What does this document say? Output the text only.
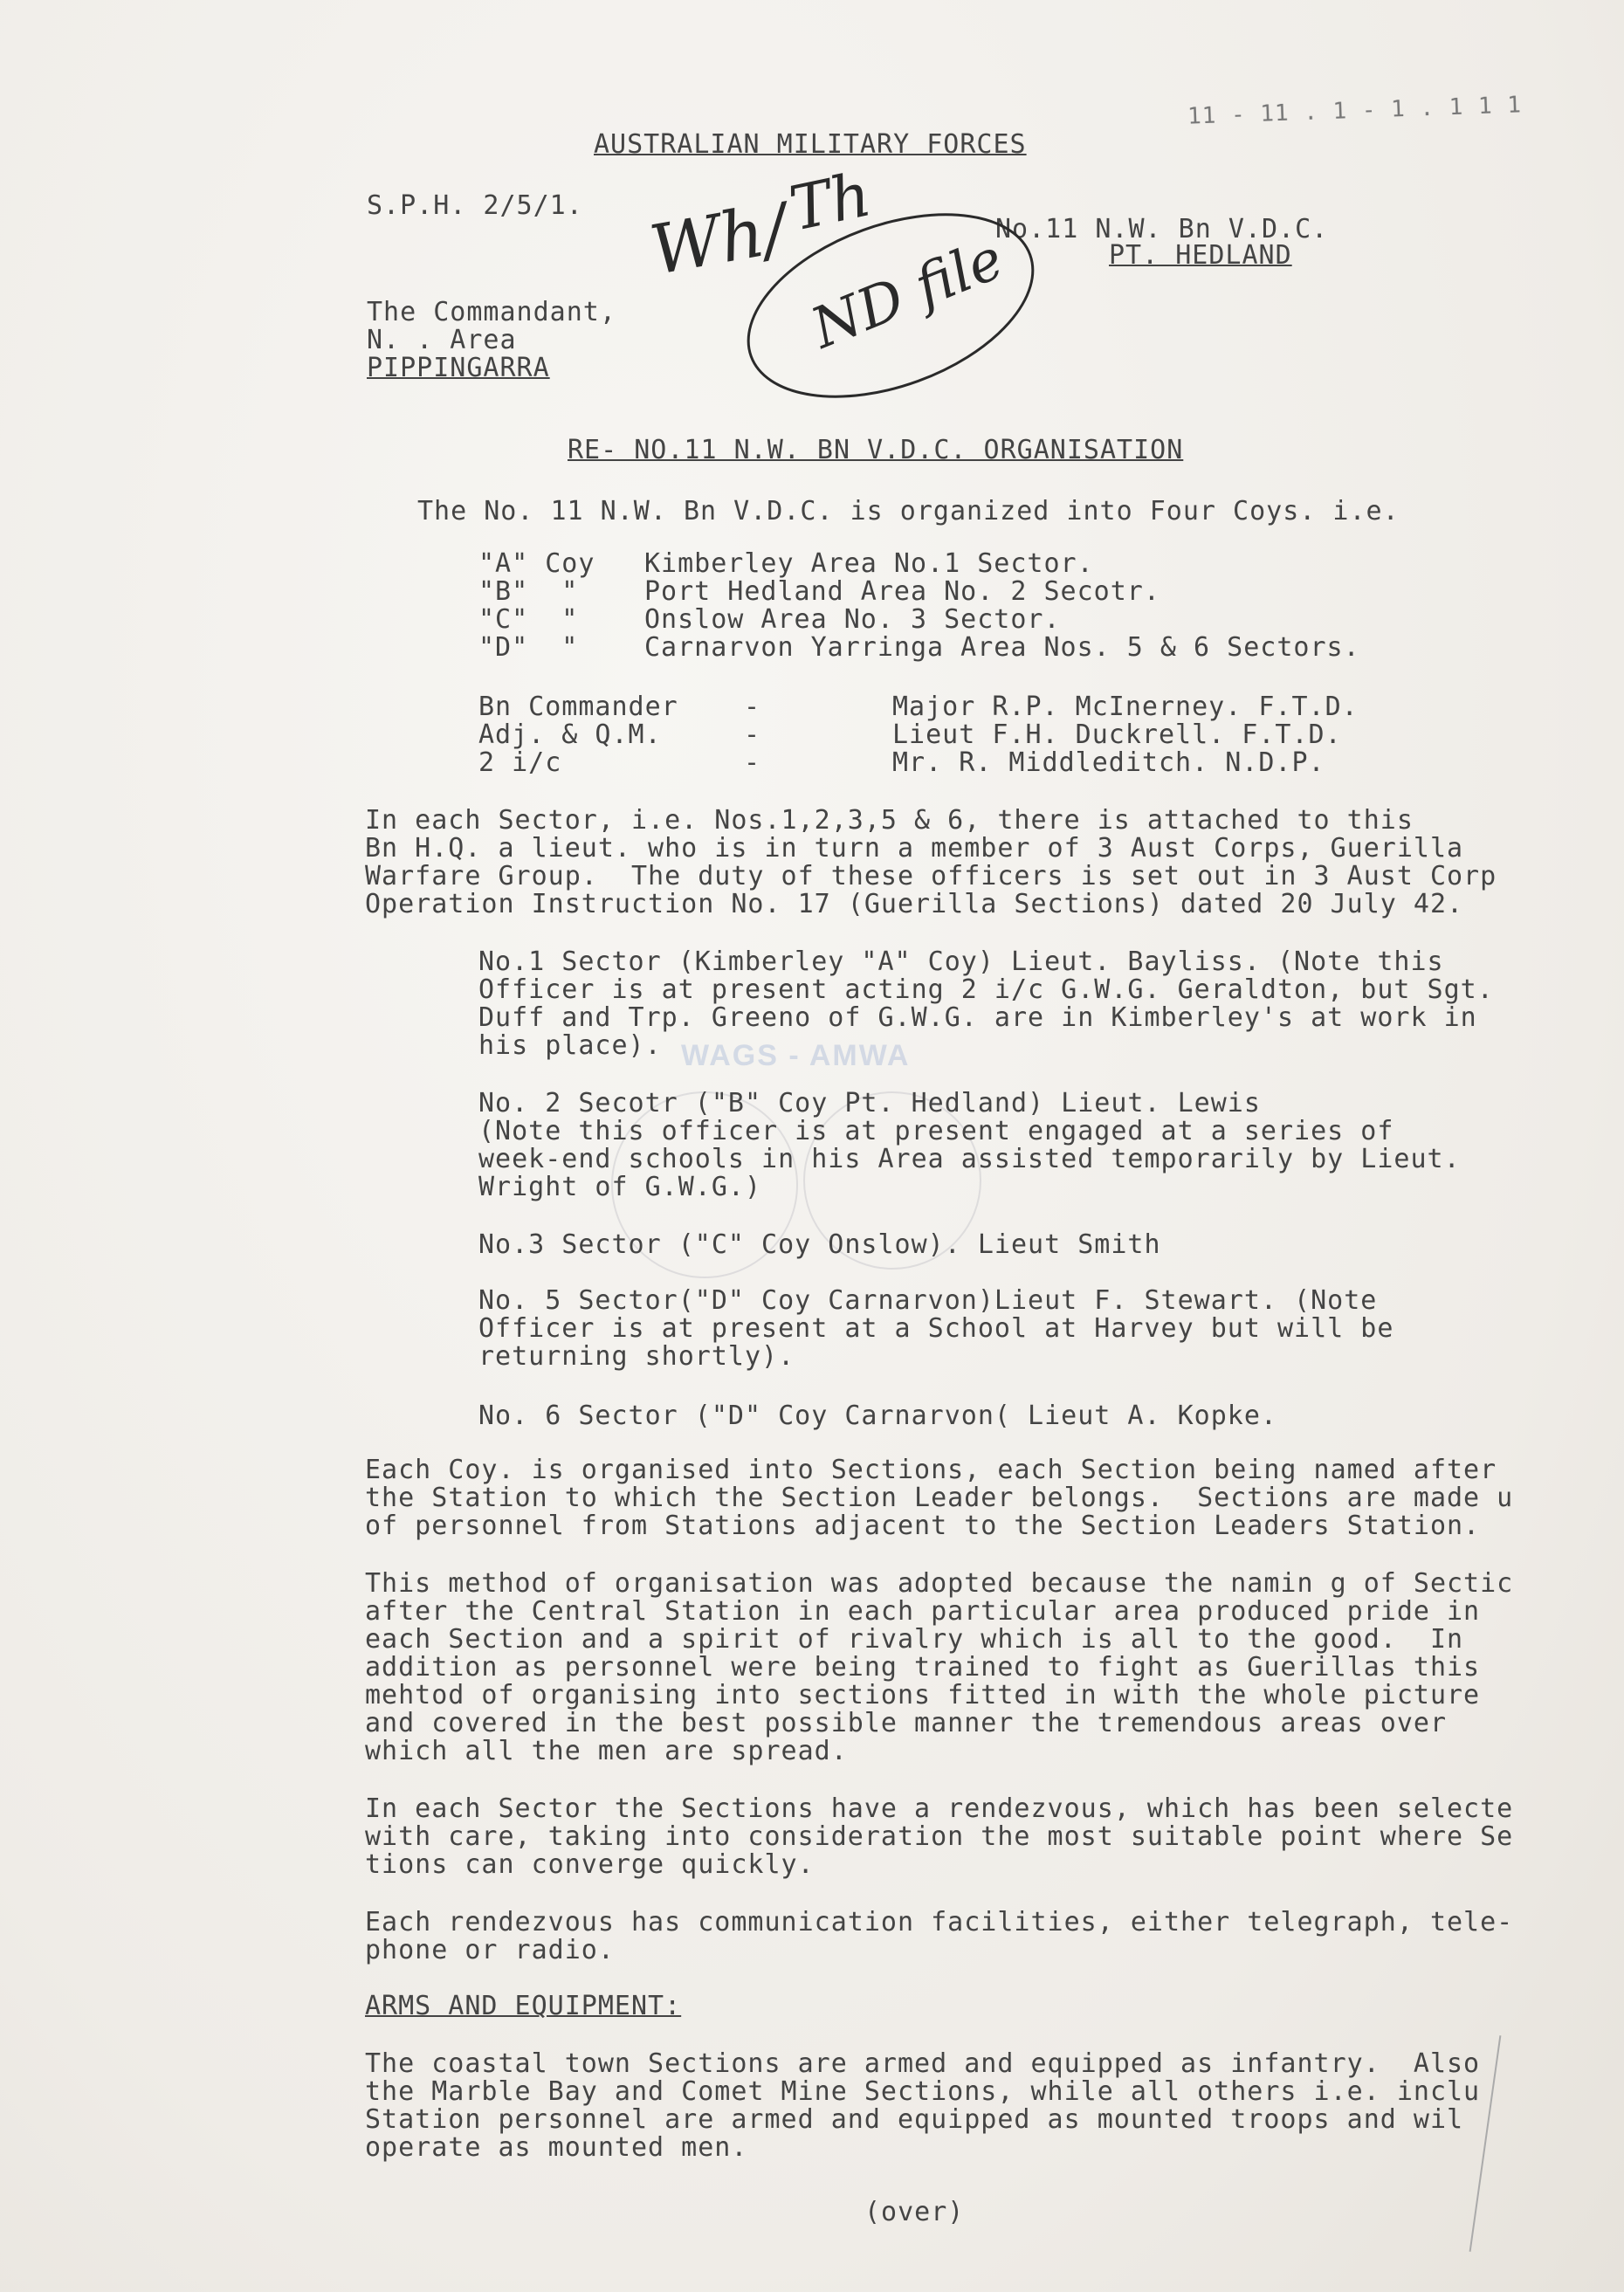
11 - 11 . 1 - 1 . 1 1 1
AUSTRALIAN MILITARY FORCES
S.P.H. 2/5/1.
No.11 N.W. Bn V.D.C.
PT. HEDLAND
Wh/
Th
ND file
The Commandant,
N. . Area
PIPPINGARRA
RE- NO.11 N.W. BN V.D.C. ORGANISATION
The No. 11 N.W. Bn V.D.C. is organized into Four Coys. i.e.
"A" Coy Kimberley Area No.1 Sector.
"B"  "	Port Hedland Area No. 2 Secotr.
"C"  "	Onslow Area No. 3 Sector.
"D"  "	Carnarvon Yarringa Area Nos. 5 & 6 Sectors.
Bn Commander	-	Major R.P. McInerney. F.T.D.
Adj. & Q.M.	-	Lieut F.H. Duckrell. F.T.D.
2 i/c	-	Mr. R. Middleditch. N.D.P.
In each Sector, i.e. Nos.1,2,3,5 & 6, there is attached to this
Bn H.Q. a lieut. who is in turn a member of 3 Aust Corps, Guerilla
Warfare Group.  The duty of these officers is set out in 3 Aust Corp
Operation Instruction No. 17 (Guerilla Sections) dated 20 July 42.
No.1 Sector (Kimberley "A" Coy) Lieut. Bayliss. (Note this
Officer is at present acting 2 i/c G.W.G. Geraldton, but Sgt.
Duff and Trp. Greeno of G.W.G. are in Kimberley's at work in
his place). WAGS - AMWA
No. 2 Secotr ("B" Coy Pt. Hedland) Lieut. Lewis
(Note this officer is at present engaged at a series of
week-end schools in his Area assisted temporarily by Lieut.
Wright of G.W.G.)
No.3 Sector ("C" Coy Onslow). Lieut Smith
No. 5 Sector("D" Coy Carnarvon)Lieut F. Stewart. (Note
Officer is at present at a School at Harvey but will be
returning shortly).
No. 6 Sector ("D" Coy Carnarvon( Lieut A. Kopke.
Each Coy. is organised into Sections, each Section being named after
the Station to which the Section Leader belongs.  Sections are made u
of personnel from Stations adjacent to the Section Leaders Station.
This method of organisation was adopted because the namin g of Sectic
after the Central Station in each particular area produced pride in
each Section and a spirit of rivalry which is all to the good.  In
addition as personnel were being trained to fight as Guerillas this
mehtod of organising into sections fitted in with the whole picture
and covered in the best possible manner the tremendous areas over
which all the men are spread.
In each Sector the Sections have a rendezvous, which has been selecte
with care, taking into consideration the most suitable point where Se
tions can converge quickly.
Each rendezvous has communication facilities, either telegraph, tele-
phone or radio.
ARMS AND EQUIPMENT:
The coastal town Sections are armed and equipped as infantry.  Also
the Marble Bay and Comet Mine Sections, while all others i.e. inclu
Station personnel are armed and equipped as mounted troops and wil
operate as mounted men.
(over)
